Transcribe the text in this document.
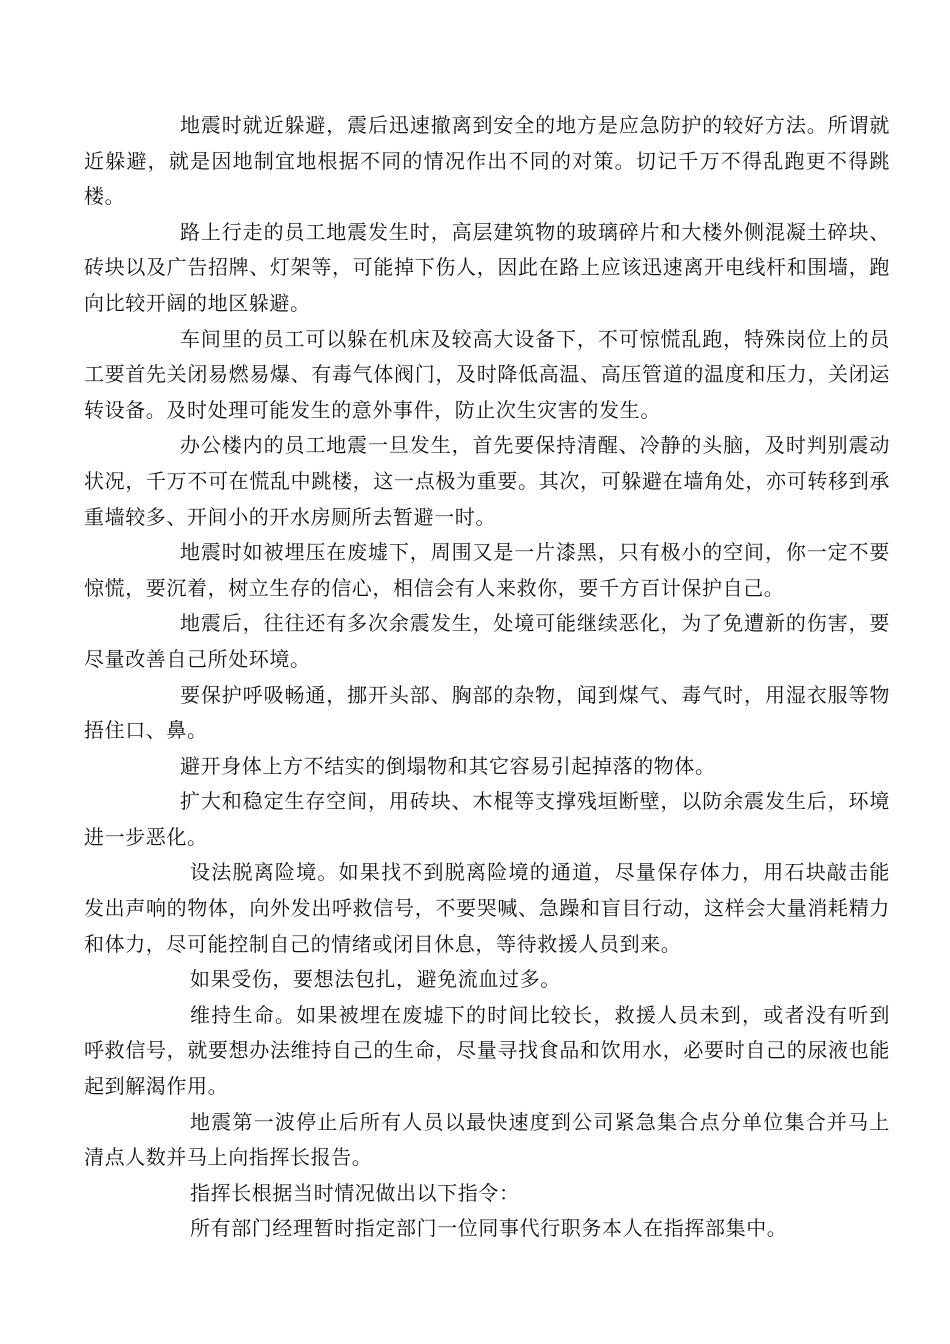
地震时就近躲避，震后迅速撤离到安全的地方是应急防护的较好方法。所谓就近躲避，就是因地制宜地根据不同的情况作出不同的对策。切记千万不得乱跑更不得跳楼。

路上行走的员工地震发生时，高层建筑物的玻璃碎片和大楼外侧混凝土碎块、砖块以及广告招牌、灯架等，可能掉下伤人，因此在路上应该迅速离开电线杆和围墙，跑向比较开阔的地区躲避。

车间里的员工可以躲在机床及较高大设备下，不可惊慌乱跑，特殊岗位上的员工要首先关闭易燃易爆、有毒气体阀门，及时降低高温、高压管道的温度和压力，关闭运转设备。及时处理可能发生的意外事件，防止次生灾害的发生。

办公楼内的员工地震一旦发生，首先要保持清醒、冷静的头脑，及时判别震动状况，千万不可在慌乱中跳楼，这一点极为重要。其次，可躲避在墙角处，亦可转移到承重墙较多、开间小的开水房厕所去暂避一时。

地震时如被埋压在废墟下，周围又是一片漆黑，只有极小的空间，你一定不要惊慌，要沉着，树立生存的信心，相信会有人来救你，要千方百计保护自己。

地震后，往往还有多次余震发生，处境可能继续恶化，为了免遭新的伤害，要尽量改善自己所处环境。

要保护呼吸畅通，挪开头部、胸部的杂物，闻到煤气、毒气时，用湿衣服等物捂住口、鼻。

避开身体上方不结实的倒塌物和其它容易引起掉落的物体。

扩大和稳定生存空间，用砖块、木棍等支撑残垣断壁，以防余震发生后，环境进一步恶化。

设法脱离险境。如果找不到脱离险境的通道，尽量保存体力，用石块敲击能发出声响的物体，向外发出呼救信号，不要哭喊、急躁和盲目行动，这样会大量消耗精力和体力，尽可能控制自己的情绪或闭目休息，等待救援人员到来。

如果受伤，要想法包扎，避免流血过多。

维持生命。如果被埋在废墟下的时间比较长，救援人员未到，或者没有听到呼救信号，就要想办法维持自己的生命，尽量寻找食品和饮用水，必要时自己的尿液也能起到解渴作用。

地震第一波停止后所有人员以最快速度到公司紧急集合点分单位集合并马上清点人数并马上向指挥长报告。

指挥长根据当时情况做出以下指令：

所有部门经理暂时指定部门一位同事代行职务本人在指挥部集中。
